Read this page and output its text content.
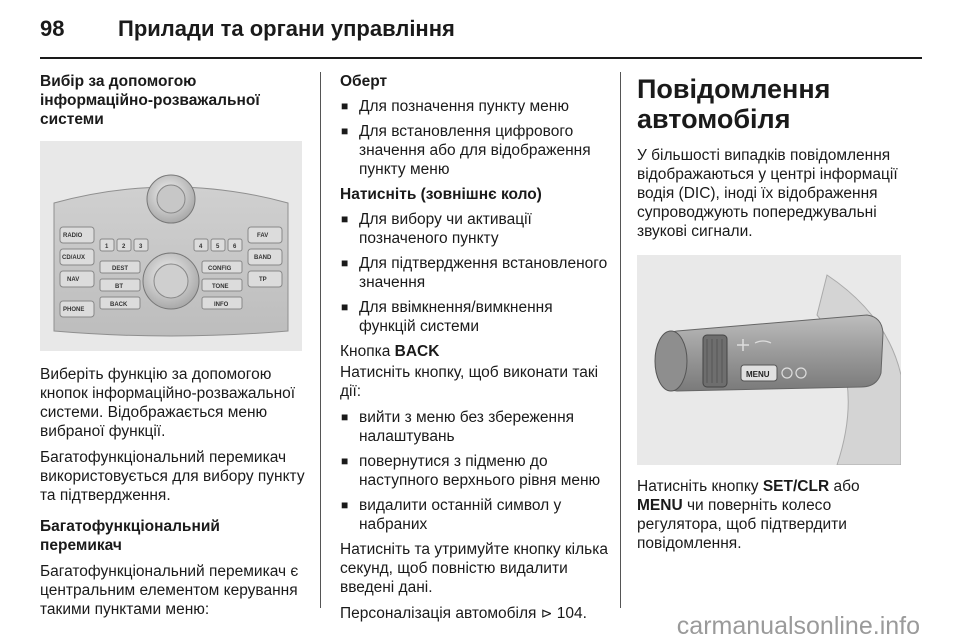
98 Прилади та органи управління

Вибір за допомогою інформаційно-розважальної системи

RADIO
CD/AUX
NAV
PHONE
FAV
BAND
TP
1 2 3	4 5 6
DEST	CONFIG
BT	TONE
BACK	INFO

Виберіть функцію за допомогою кнопок інформаційно-розважальної системи. Відображається меню вибраної функції.

Багатофункціональний перемикач використовується для вибору пункту та підтвердження.

Багатофункціональний перемикач

Багатофункціональний перемикач є центральним елементом керування такими пунктами меню:

Оберт

■ Для позначення пункту меню
■ Для встановлення цифрового значення або для відображення пункту меню

Натисніть (зовнішнє коло)

■ Для вибору чи активації позначеного пункту
■ Для підтвердження встановленого значення
■ Для ввімкнення/вимкнення функцій системи

Кнопка BACK

Натисніть кнопку, щоб виконати такі дії:

■ вийти з меню без збереження налаштувань
■ повернутися з підменю до наступного верхнього рівня меню
■ видалити останній символ у набраних

Натисніть та утримуйте кнопку кілька секунд, щоб повністю видалити введені дані.

Персоналізація автомобіля ⊳ 104.

Повідомлення автомобіля

У більшості випадків повідомлення відображаються у центрі інформації водія (DIC), іноді їх відображення супроводжують попереджувальні звукові сигнали.

MENU

Натисніть кнопку SET/CLR або MENU чи поверніть колесо регулятора, щоб підтвердити повідомлення.

carmanualsonline.info
